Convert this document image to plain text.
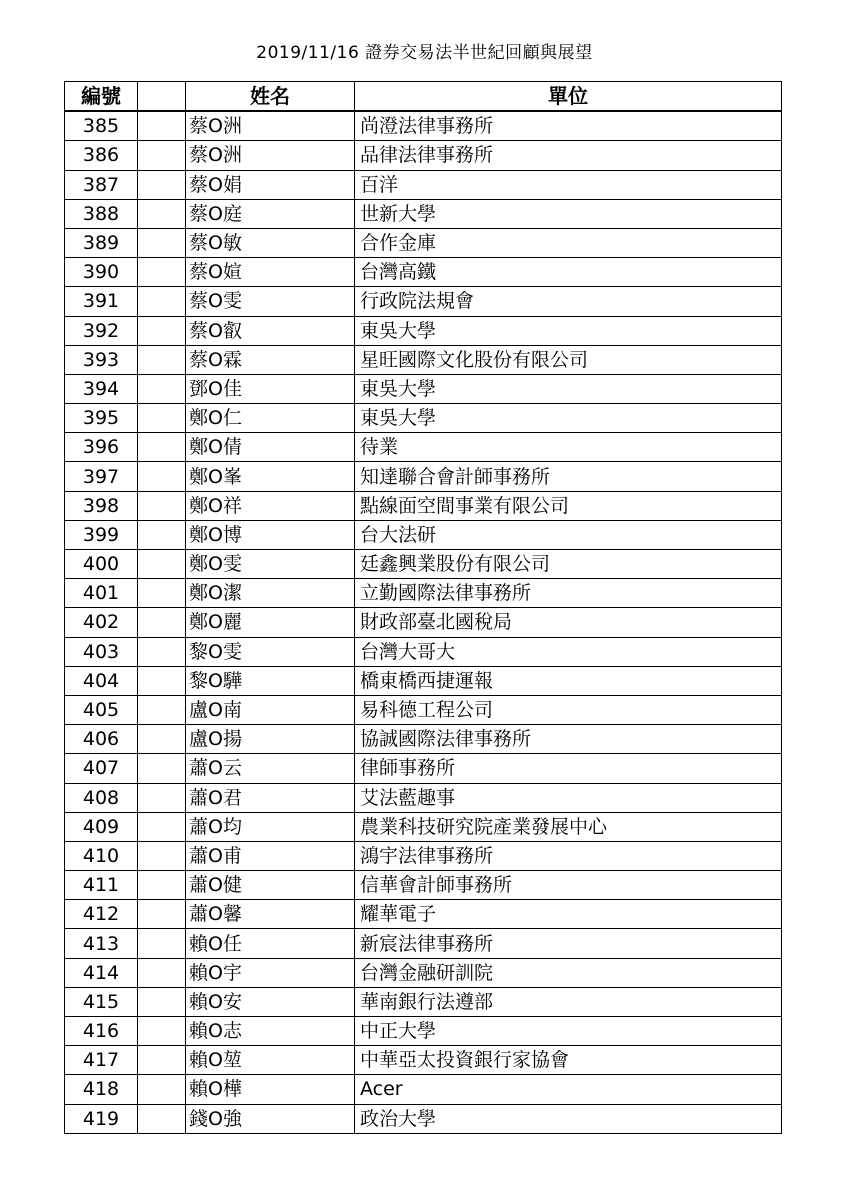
2019/11/16 證券交易法半世紀回顧與展望
編號		姓名	單位
385		蔡O洲	尚澄法律事務所
386		蔡O洲	品律法律事務所
387		蔡O娟	百洋
388		蔡O庭	世新大學
389		蔡O敏	合作金庫
390		蔡O媗	台灣高鐵
391		蔡O雯	行政院法規會
392		蔡O叡	東吳大學
393		蔡O霖	星旺國際文化股份有限公司
394		鄧O佳	東吳大學
395		鄭O仁	東吳大學
396		鄭O倩	待業
397		鄭O峯	知達聯合會計師事務所
398		鄭O祥	點線面空間事業有限公司
399		鄭O博	台大法研
400		鄭O雯	廷鑫興業股份有限公司
401		鄭O潔	立勤國際法律事務所
402		鄭O麗	財政部臺北國稅局
403		黎O雯	台灣大哥大
404		黎O驊	橋東橋西捷運報
405		盧O南	易科德工程公司
406		盧O揚	協誠國際法律事務所
407		蕭O云	律師事務所
408		蕭O君	艾法藍趣事
409		蕭O均	農業科技研究院產業發展中心
410		蕭O甫	鴻宇法律事務所
411		蕭O健	信華會計師事務所
412		蕭O馨	耀華電子
413		賴O任	新宸法律事務所
414		賴O宇	台灣金融研訓院
415		賴O安	華南銀行法遵部
416		賴O志	中正大學
417		賴O堃	中華亞太投資銀行家協會
418		賴O樺	Acer
419		錢O強	政治大學
